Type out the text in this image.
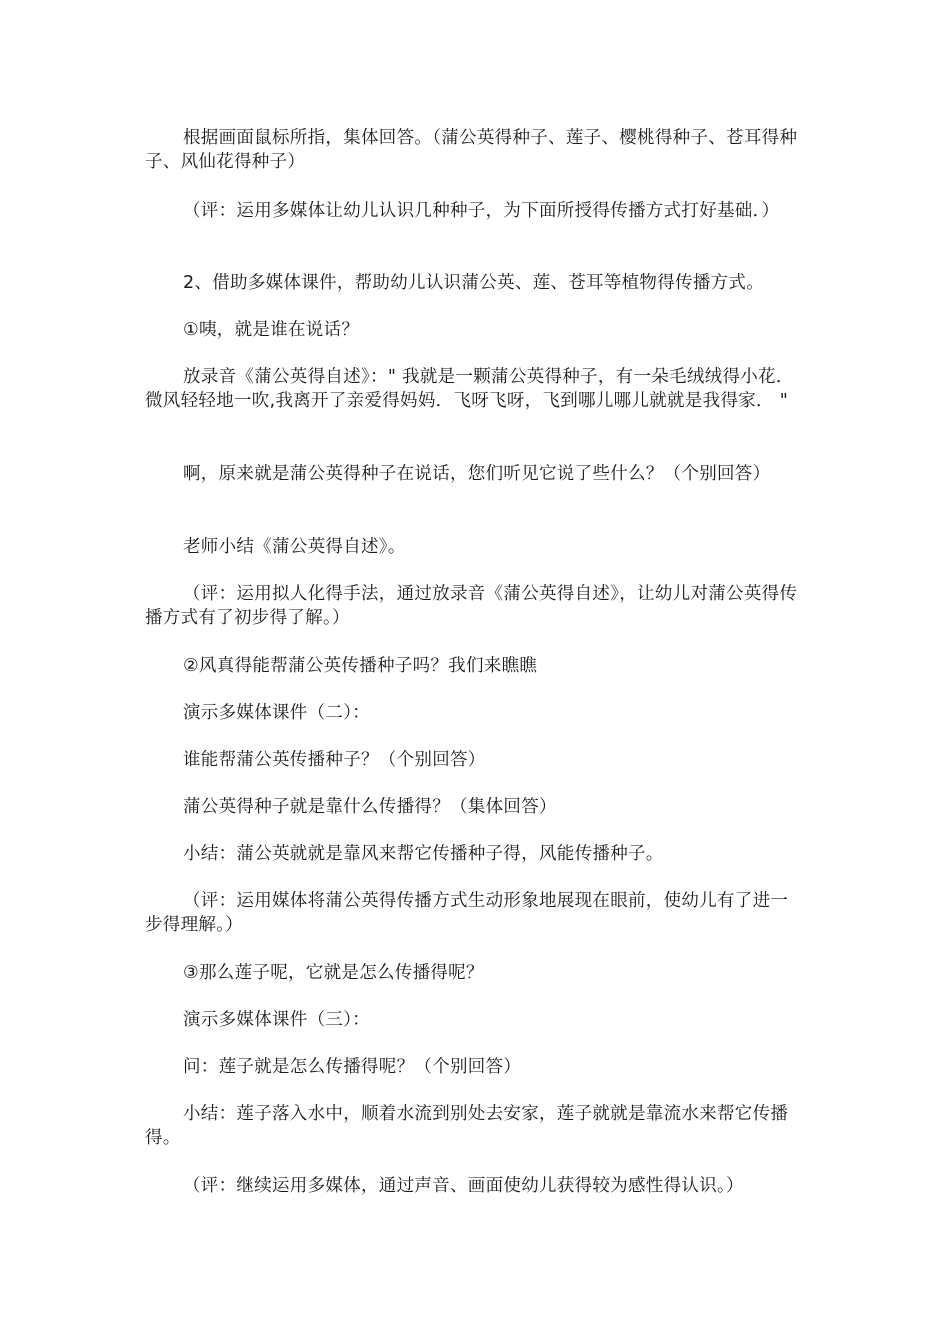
根据画面鼠标所指，集体回答。（蒲公英得种子、莲子、樱桃得种子、苍耳得种子、风仙花得种子）

（评：运用多媒体让幼儿认识几种种子，为下面所授得传播方式打好基础．）

2、借助多媒体课件，帮助幼儿认识蒲公英、莲、苍耳等植物得传播方式。

①咦，就是谁在说话？

放录音《蒲公英得自述》：" 我就是一颗蒲公英得种子，有一朵毛绒绒得小花．微风轻轻地一吹,我离开了亲爱得妈妈．飞呀飞呀，飞到哪儿哪儿就就是我得家． "

啊，原来就是蒲公英得种子在说话，您们听见它说了些什么？（个别回答）

老师小结《蒲公英得自述》。

（评：运用拟人化得手法，通过放录音《蒲公英得自述》，让幼儿对蒲公英得传播方式有了初步得了解。）

②风真得能帮蒲公英传播种子吗？我们来瞧瞧

演示多媒体课件（二）：

谁能帮蒲公英传播种子？（个别回答）

蒲公英得种子就是靠什么传播得？（集体回答）

小结：蒲公英就就是靠风来帮它传播种子得，风能传播种子。

（评：运用媒体将蒲公英得传播方式生动形象地展现在眼前，使幼儿有了进一步得理解。）

③那么莲子呢，它就是怎么传播得呢？

演示多媒体课件（三）：

问：莲子就是怎么传播得呢？（个别回答）

小结：莲子落入水中，顺着水流到别处去安家，莲子就就是靠流水来帮它传播得。

（评：继续运用多媒体，通过声音、画面使幼儿获得较为感性得认识。）
